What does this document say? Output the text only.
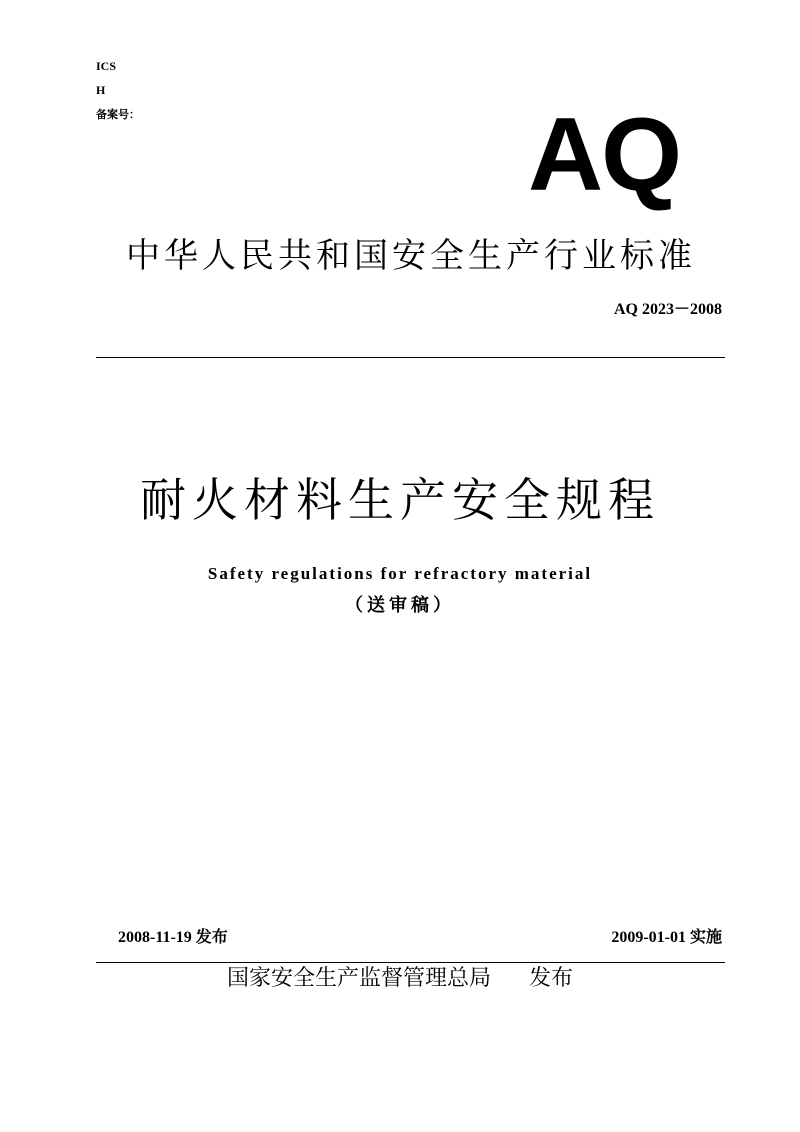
ICS
H
备案号：	AQ
中华人民共和国安全生产行业标准
AQ 2023－2008
耐火材料生产安全规程
Safety regulations for refractory material
（送审稿）
2008-11-19 发布	2009-01-01 实施
国家安全生产监督管理总局 发布
